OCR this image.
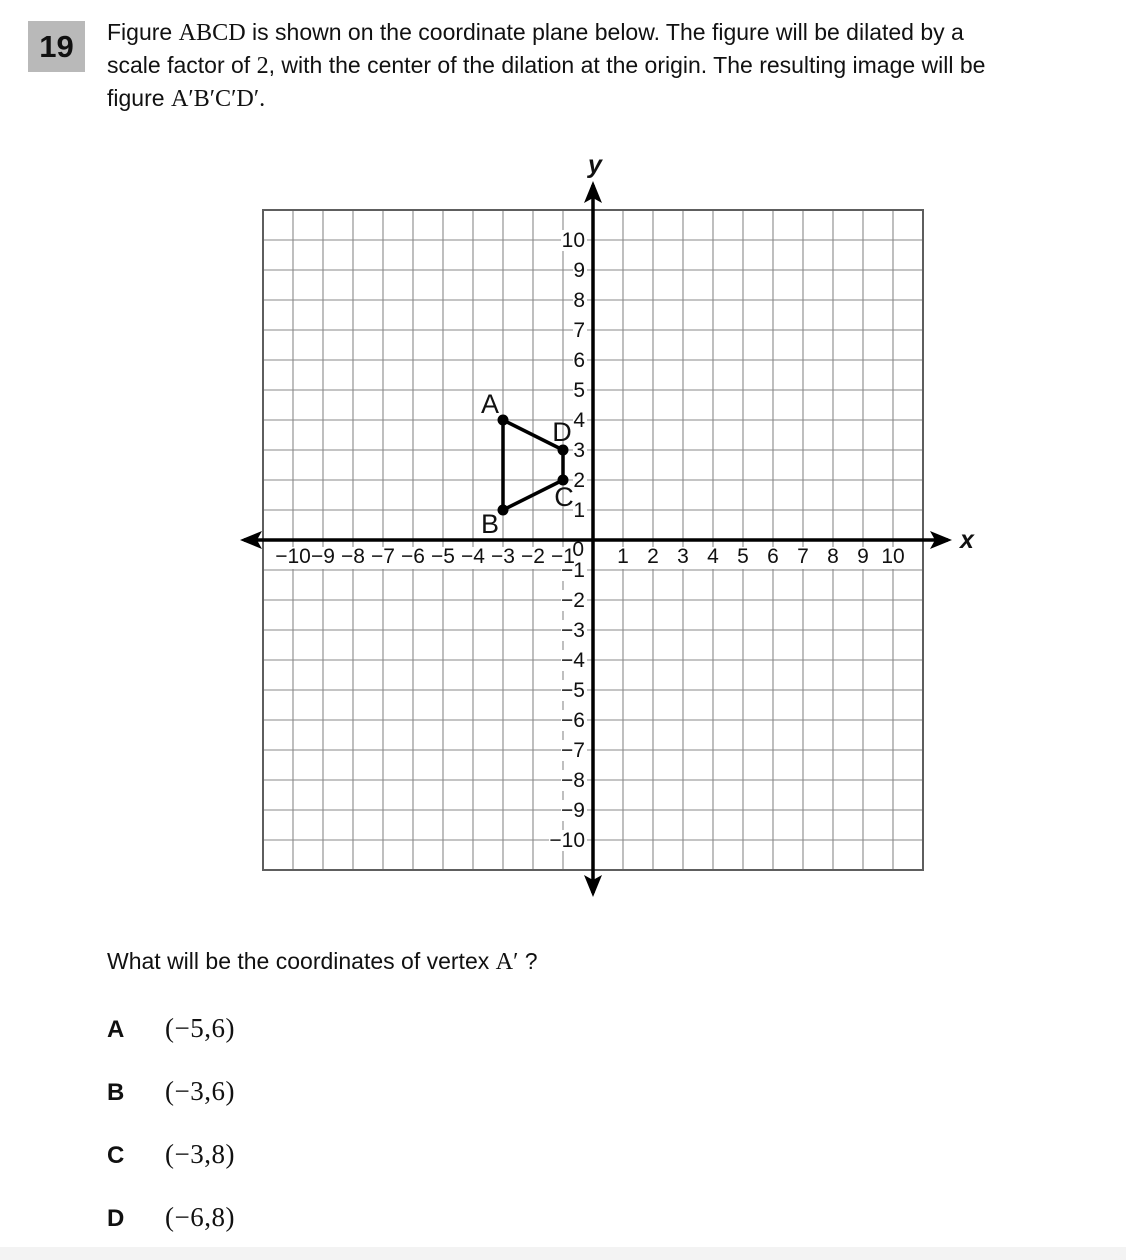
19 Figure ABCD is shown on the coordinate plane below. The figure will be dilated by a
scale factor of 2, with the center of the dilation at the origin. The resulting image will be
figure A′B′C′D′.
y
x
−10 −9 −8 −7 −6 −5 −4 −3 −2 −1 1 2 3 4 5 6 7 8 9 10
10
9
8
7
6
5
4
3
2
1
−1
−2
−3
−4
−5
−6
−7
−8
−9
−10
0
A
B
C
D
What will be the coordinates of vertex A′ ?
A	(−5,6)
B	(−3,6)
C	(−3,8)
D	(−6,8)
